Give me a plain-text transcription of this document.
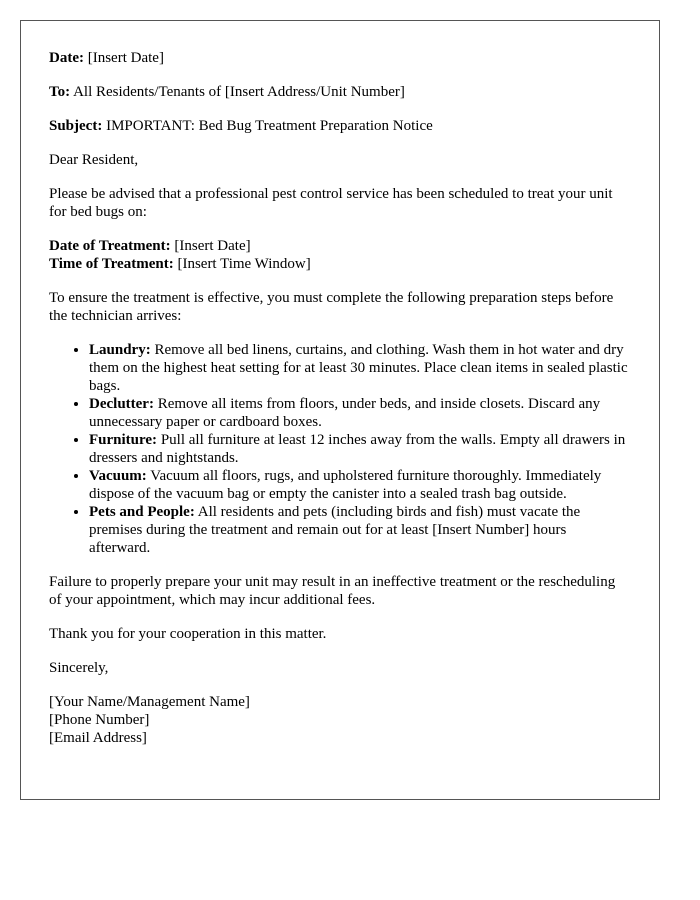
Date: [Insert Date]

To: All Residents/Tenants of [Insert Address/Unit Number]

Subject: IMPORTANT: Bed Bug Treatment Preparation Notice

Dear Resident,

Please be advised that a professional pest control service has been scheduled to treat your unit for bed bugs on:

Date of Treatment: [Insert Date]

Time of Treatment: [Insert Time Window]

To ensure the treatment is effective, you must complete the following preparation steps before the technician arrives:

• Laundry: Remove all bed linens, curtains, and clothing. Wash them in hot water and dry them on the highest heat setting for at least 30 minutes. Place clean items in sealed plastic bags.
• Declutter: Remove all items from floors, under beds, and inside closets. Discard any unnecessary paper or cardboard boxes.
• Furniture: Pull all furniture at least 12 inches away from the walls. Empty all drawers in dressers and nightstands.
• Vacuum: Vacuum all floors, rugs, and upholstered furniture thoroughly. Immediately dispose of the vacuum bag or empty the canister into a sealed trash bag outside.
• Pets and People: All residents and pets (including birds and fish) must vacate the premises during the treatment and remain out for at least [Insert Number] hours afterward.

Failure to properly prepare your unit may result in an ineffective treatment or the rescheduling of your appointment, which may incur additional fees.

Thank you for your cooperation in this matter.

Sincerely,

[Your Name/Management Name]

[Phone Number]

[Email Address]
